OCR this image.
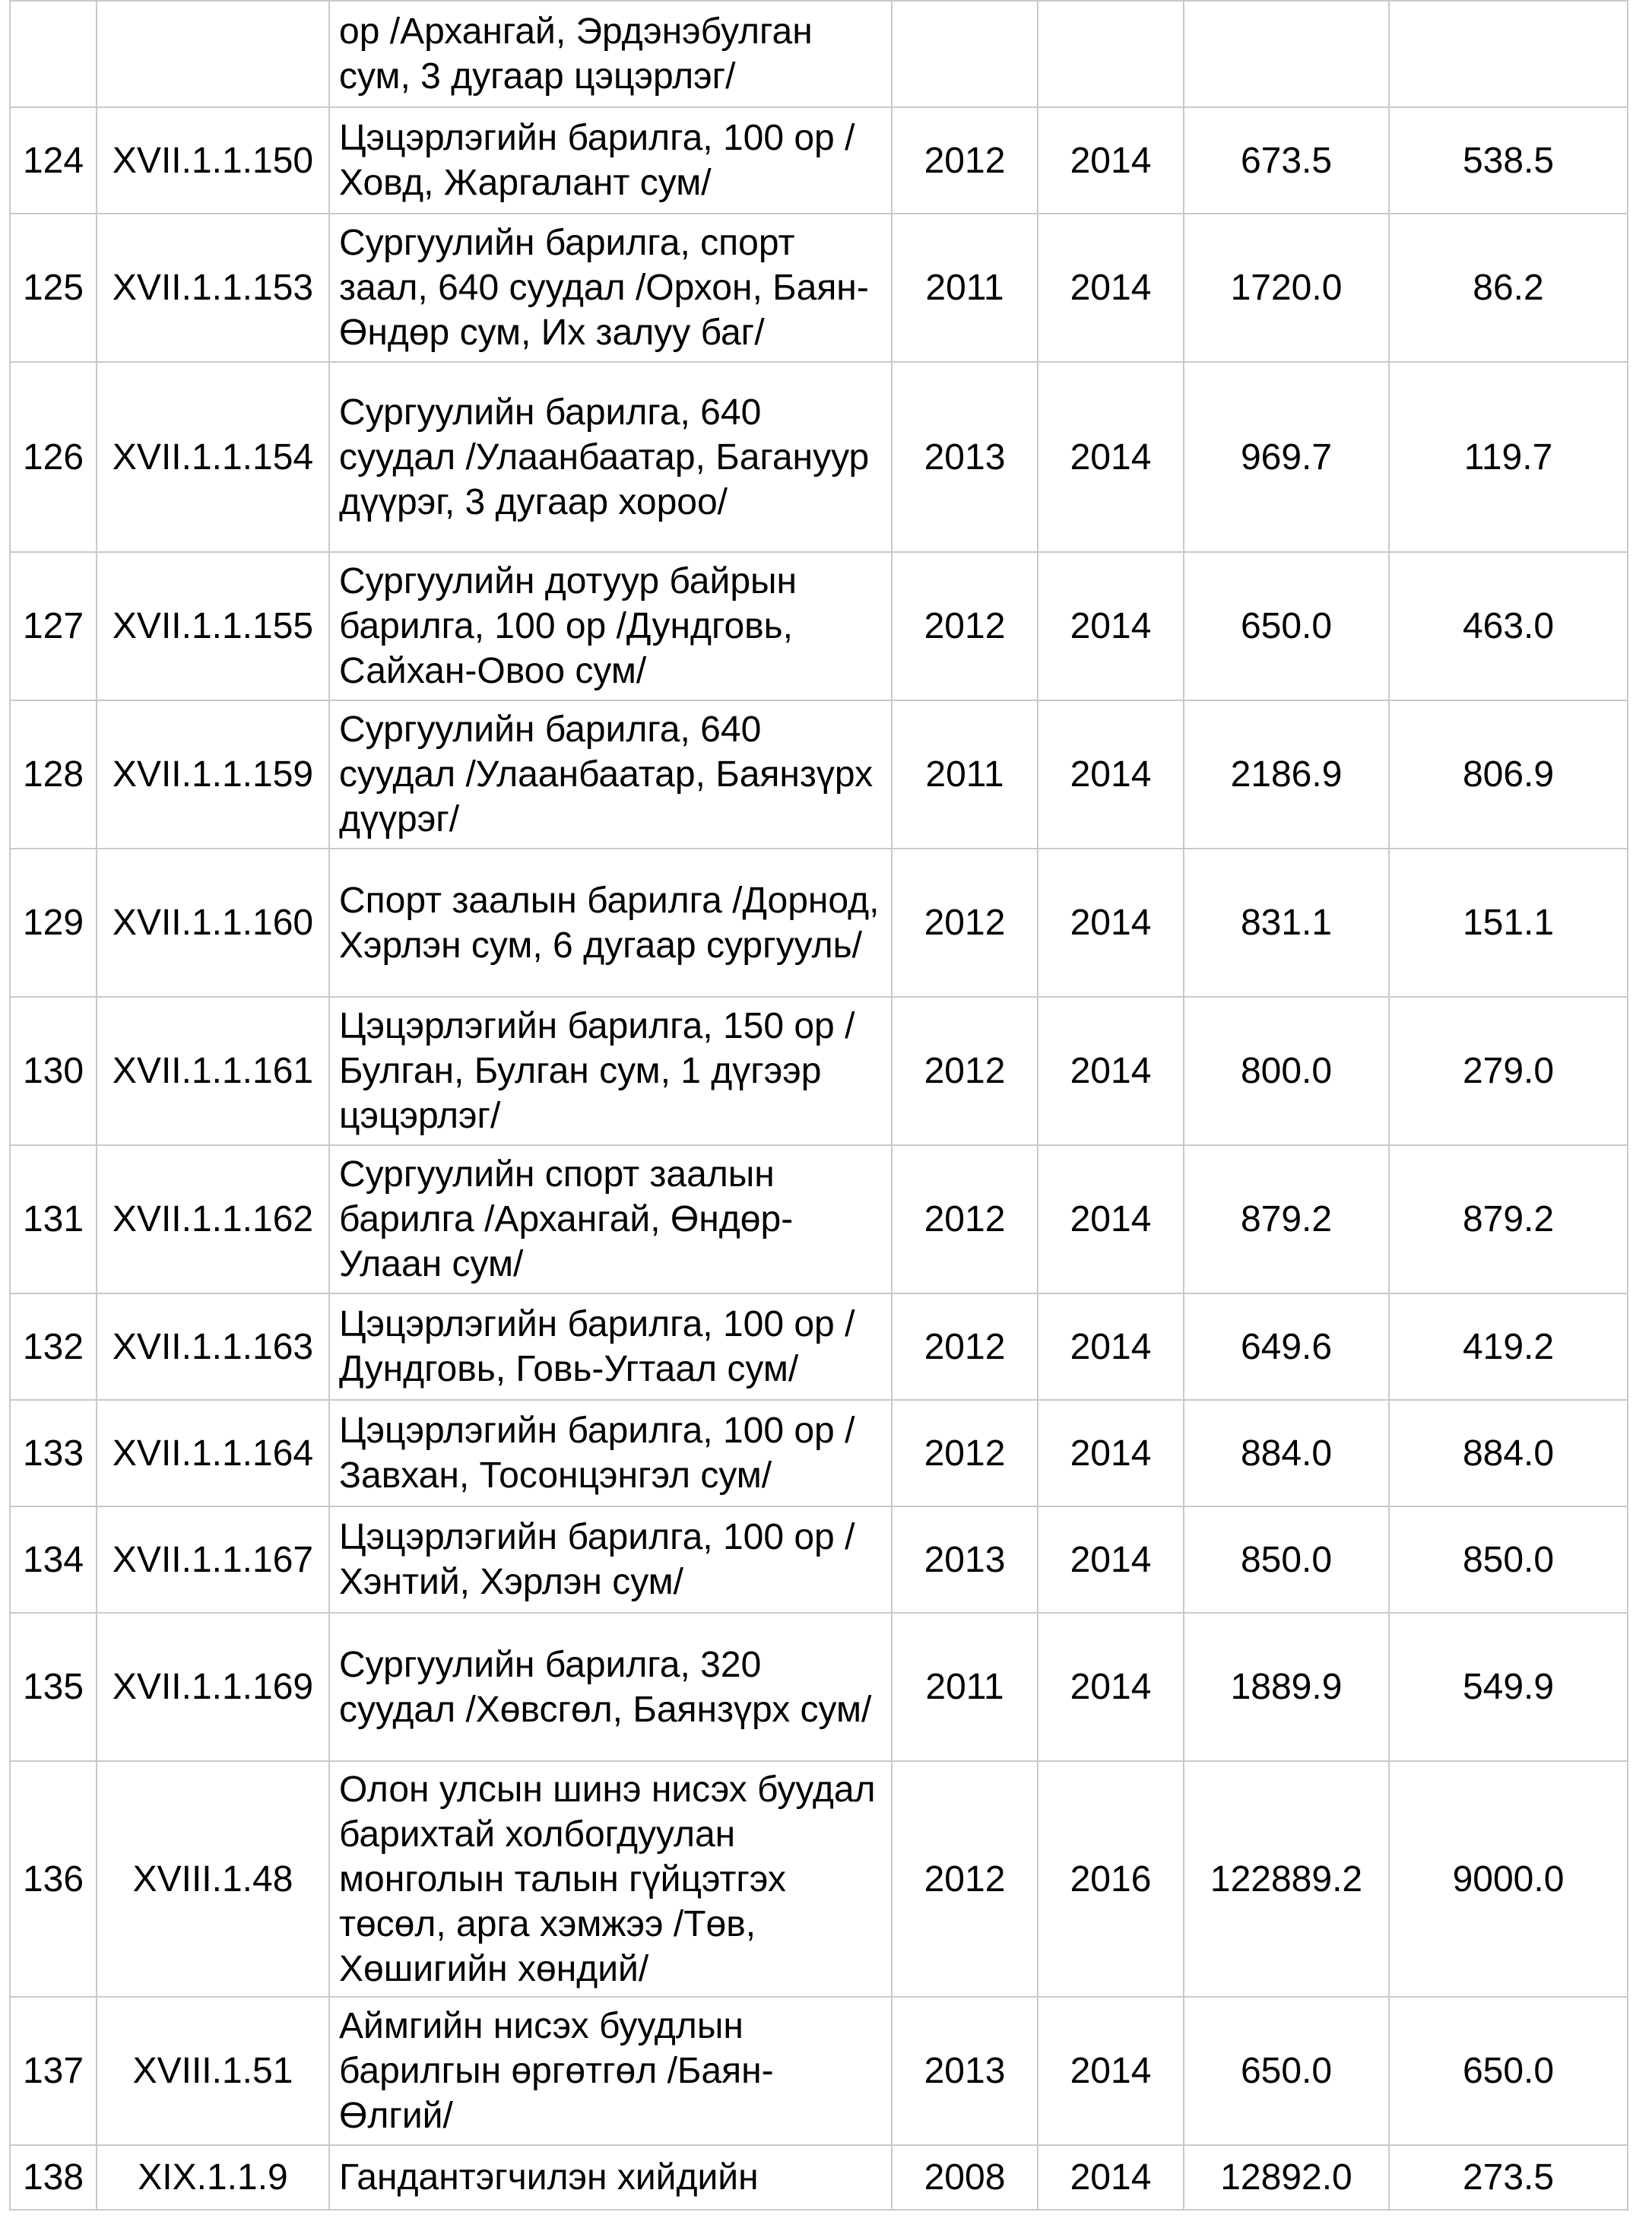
		ор /Архангай, Эрдэнэбулган сум, 3 дугаар цэцэрлэг/				
124	XVII.1.1.150	Цэцэрлэгийн барилга, 100 ор /Ховд, Жаргалант сум/	2012	2014	673.5	538.5
125	XVII.1.1.153	Сургуулийн барилга, спорт заал, 640 суудал /Орхон, Баян-Өндөр сум, Их залуу баг/	2011	2014	1720.0	86.2
126	XVII.1.1.154	Сургуулийн барилга, 640 суудал /Улаанбаатар, Багануур дүүрэг, 3 дугаар хороо/	2013	2014	969.7	119.7
127	XVII.1.1.155	Сургуулийн дотуур байрын барилга, 100 ор /Дундговь, Сайхан-Овоо сум/	2012	2014	650.0	463.0
128	XVII.1.1.159	Сургуулийн барилга, 640 суудал /Улаанбаатар, Баянзүрх дүүрэг/	2011	2014	2186.9	806.9
129	XVII.1.1.160	Спорт заалын барилга /Дорнод, Хэрлэн сум, 6 дугаар сургууль/	2012	2014	831.1	151.1
130	XVII.1.1.161	Цэцэрлэгийн барилга, 150 ор /Булган, Булган сум, 1 дүгээр цэцэрлэг/	2012	2014	800.0	279.0
131	XVII.1.1.162	Сургуулийн спорт заалын барилга /Архангай, Өндөр-Улаан сум/	2012	2014	879.2	879.2
132	XVII.1.1.163	Цэцэрлэгийн барилга, 100 ор /Дундговь, Говь-Угтаал сум/	2012	2014	649.6	419.2
133	XVII.1.1.164	Цэцэрлэгийн барилга, 100 ор /Завхан, Тосонцэнгэл сум/	2012	2014	884.0	884.0
134	XVII.1.1.167	Цэцэрлэгийн барилга, 100 ор /Хэнтий, Хэрлэн сум/	2013	2014	850.0	850.0
135	XVII.1.1.169	Сургуулийн барилга, 320 суудал /Хөвсгөл, Баянзүрх сум/	2011	2014	1889.9	549.9
136	XVIII.1.48	Олон улсын шинэ нисэх буудал барихтай холбогдуулан монголын талын гүйцэтгэх төсөл, арга хэмжээ /Төв, Хөшигийн хөндий/	2012	2016	122889.2	9000.0
137	XVIII.1.51	Аймгийн нисэх буудлын барилгын өргөтгөл /Баян-Өлгий/	2013	2014	650.0	650.0
138	XIX.1.1.9	Гандантэгчилэн хийдийн	2008	2014	12892.0	273.5
